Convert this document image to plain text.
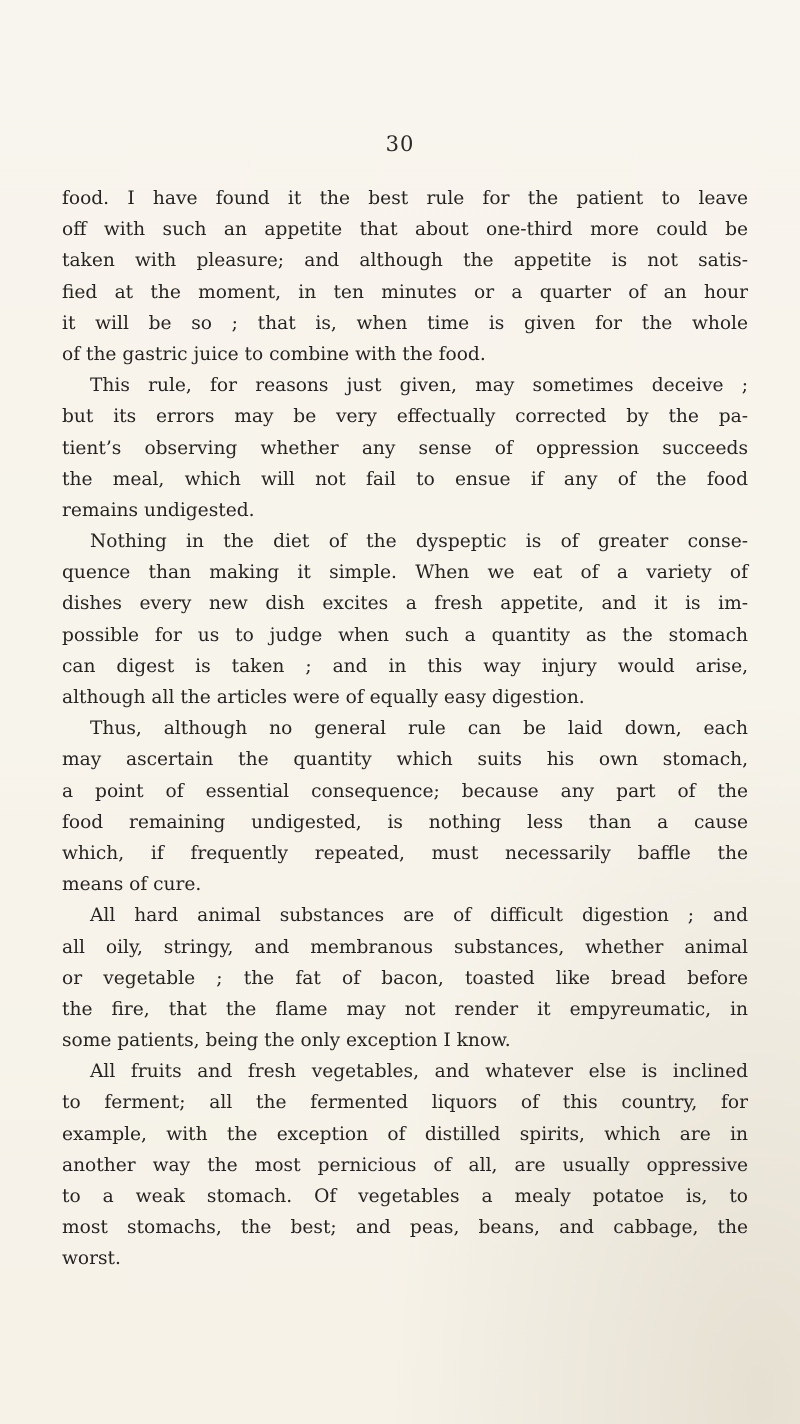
30
food. I have found it the best rule for the patient to leave
off with such an appetite that about one-third more could be
taken with pleasure; and although the appetite is not satis-
fied at the moment, in ten minutes or a quarter of an hour
it will be so ; that is, when time is given for the whole
of the gastric juice to combine with the food.
This rule, for reasons just given, may sometimes deceive ;
but its errors may be very effectually corrected by the pa-
tient’s observing whether any sense of oppression succeeds
the meal, which will not fail to ensue if any of the food
remains undigested.
Nothing in the diet of the dyspeptic is of greater conse-
quence than making it simple. When we eat of a variety of
dishes every new dish excites a fresh appetite, and it is im-
possible for us to judge when such a quantity as the stomach
can digest is taken ; and in this way injury would arise,
although all the articles were of equally easy digestion.
Thus, although no general rule can be laid down, each
may ascertain the quantity which suits his own stomach,
a point of essential consequence; because any part of the
food remaining undigested, is nothing less than a cause
which, if frequently repeated, must necessarily baffle the
means of cure.
All hard animal substances are of difficult digestion ; and
all oily, stringy, and membranous substances, whether animal
or vegetable ; the fat of bacon, toasted like bread before
the fire, that the flame may not render it empyreumatic, in
some patients, being the only exception I know.
All fruits and fresh vegetables, and whatever else is inclined
to ferment; all the fermented liquors of this country, for
example, with the exception of distilled spirits, which are in
another way the most pernicious of all, are usually oppressive
to a weak stomach. Of vegetables a mealy potatoe is, to
most stomachs, the best; and peas, beans, and cabbage, the
worst.
